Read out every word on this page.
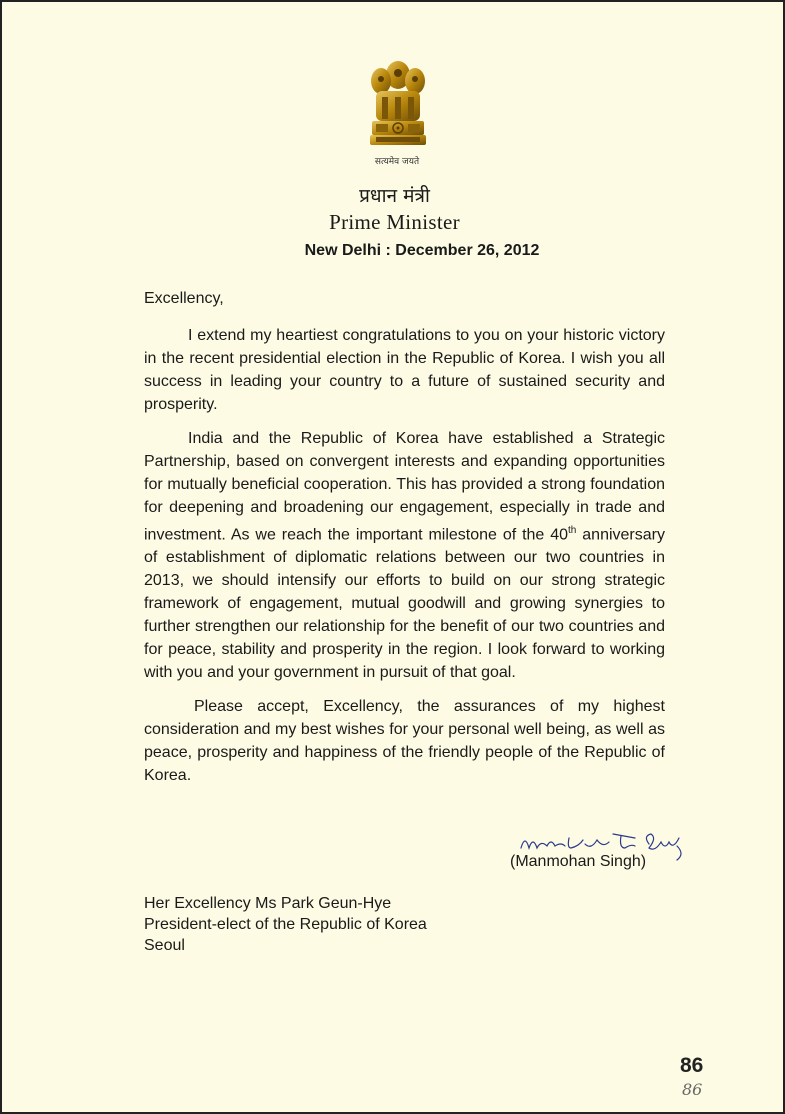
सत्यमेव जयते
प्रधान मंत्री
Prime Minister
New Delhi : December 26, 2012
Excellency,

I extend my heartiest congratulations to you on your historic victory in the recent presidential election in the Republic of Korea. I wish you all success in leading your country to a future of sustained security and prosperity.

India and the Republic of Korea have established a Strategic Partnership, based on convergent interests and expanding opportunities for mutually beneficial cooperation. This has provided a strong foundation for deepening and broadening our engagement, especially in trade and investment. As we reach the important milestone of the 40th anniversary of establishment of diplomatic relations between our two countries in 2013, we should intensify our efforts to build on our strong strategic framework of engagement, mutual goodwill and growing synergies to further strengthen our relationship for the benefit of our two countries and for peace, stability and prosperity in the region. I look forward to working with you and your government in pursuit of that goal.

Please accept, Excellency, the assurances of my highest consideration and my best wishes for your personal well being, as well as peace, prosperity and happiness of the friendly people of the Republic of Korea.

(Manmohan Singh)
Her Excellency Ms Park Geun-Hye
President-elect of the Republic of Korea
Seoul
86
86
